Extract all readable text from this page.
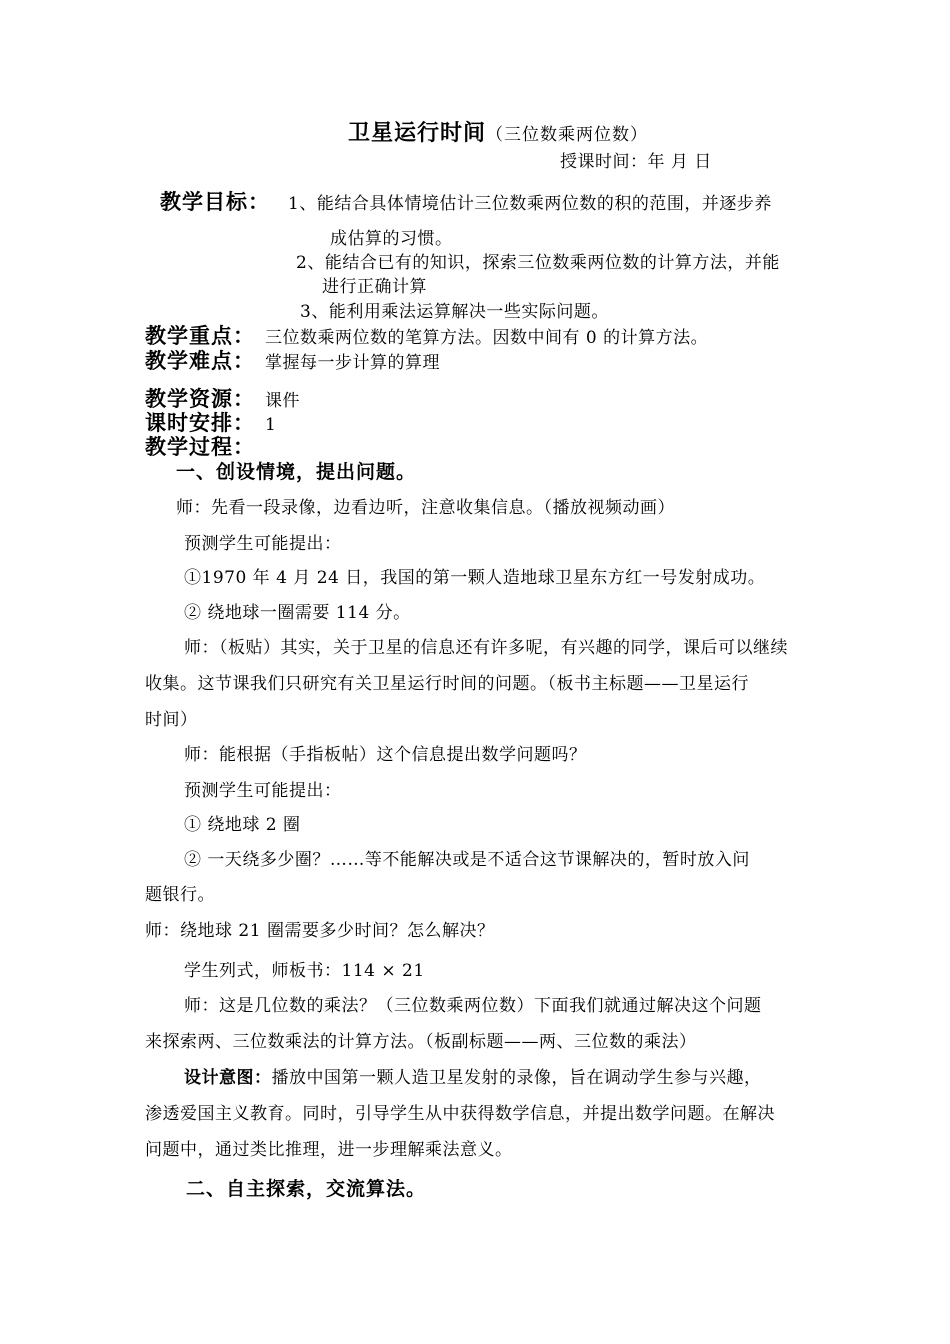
卫星运行时间（三位数乘两位数）
授课时间：年 月 日
教学目标： 1、能结合具体情境估计三位数乘两位数的积的范围，并逐步养
成估算的习惯。
2、能结合已有的知识，探索三位数乘两位数的计算方法，并能
进行正确计算
3、能利用乘法运算解决一些实际问题。
教学重点： 三位数乘两位数的笔算方法。因数中间有 0 的计算方法。
教学难点： 掌握每一步计算的算理
教学资源： 课件
课时安排： 1
教学过程：
一、创设情境，提出问题。
师：先看一段录像，边看边听，注意收集信息。（播放视频动画）
预测学生可能提出：
①1970 年 4 月 24 日，我国的第一颗人造地球卫星东方红一号发射成功。
② 绕地球一圈需要 114 分。
师：（板贴）其实，关于卫星的信息还有许多呢，有兴趣的同学，课后可以继续
收集。这节课我们只研究有关卫星运行时间的问题。（板书主标题——卫星运行
时间）
师：能根据（手指板帖）这个信息提出数学问题吗？
预测学生可能提出：
① 绕地球 2 圈
② 一天绕多少圈？……等不能解决或是不适合这节课解决的，暂时放入问
题银行。
师：绕地球 21 圈需要多少时间？怎么解决？
学生列式，师板书：114 × 21
师：这是几位数的乘法？（三位数乘两位数）下面我们就通过解决这个问题
来探索两、三位数乘法的计算方法。（板副标题——两、三位数的乘法）
设计意图：播放中国第一颗人造卫星发射的录像，旨在调动学生参与兴趣，
渗透爱国主义教育。同时，引导学生从中获得数学信息，并提出数学问题。在解决
问题中，通过类比推理，进一步理解乘法意义。
二、自主探索，交流算法。
